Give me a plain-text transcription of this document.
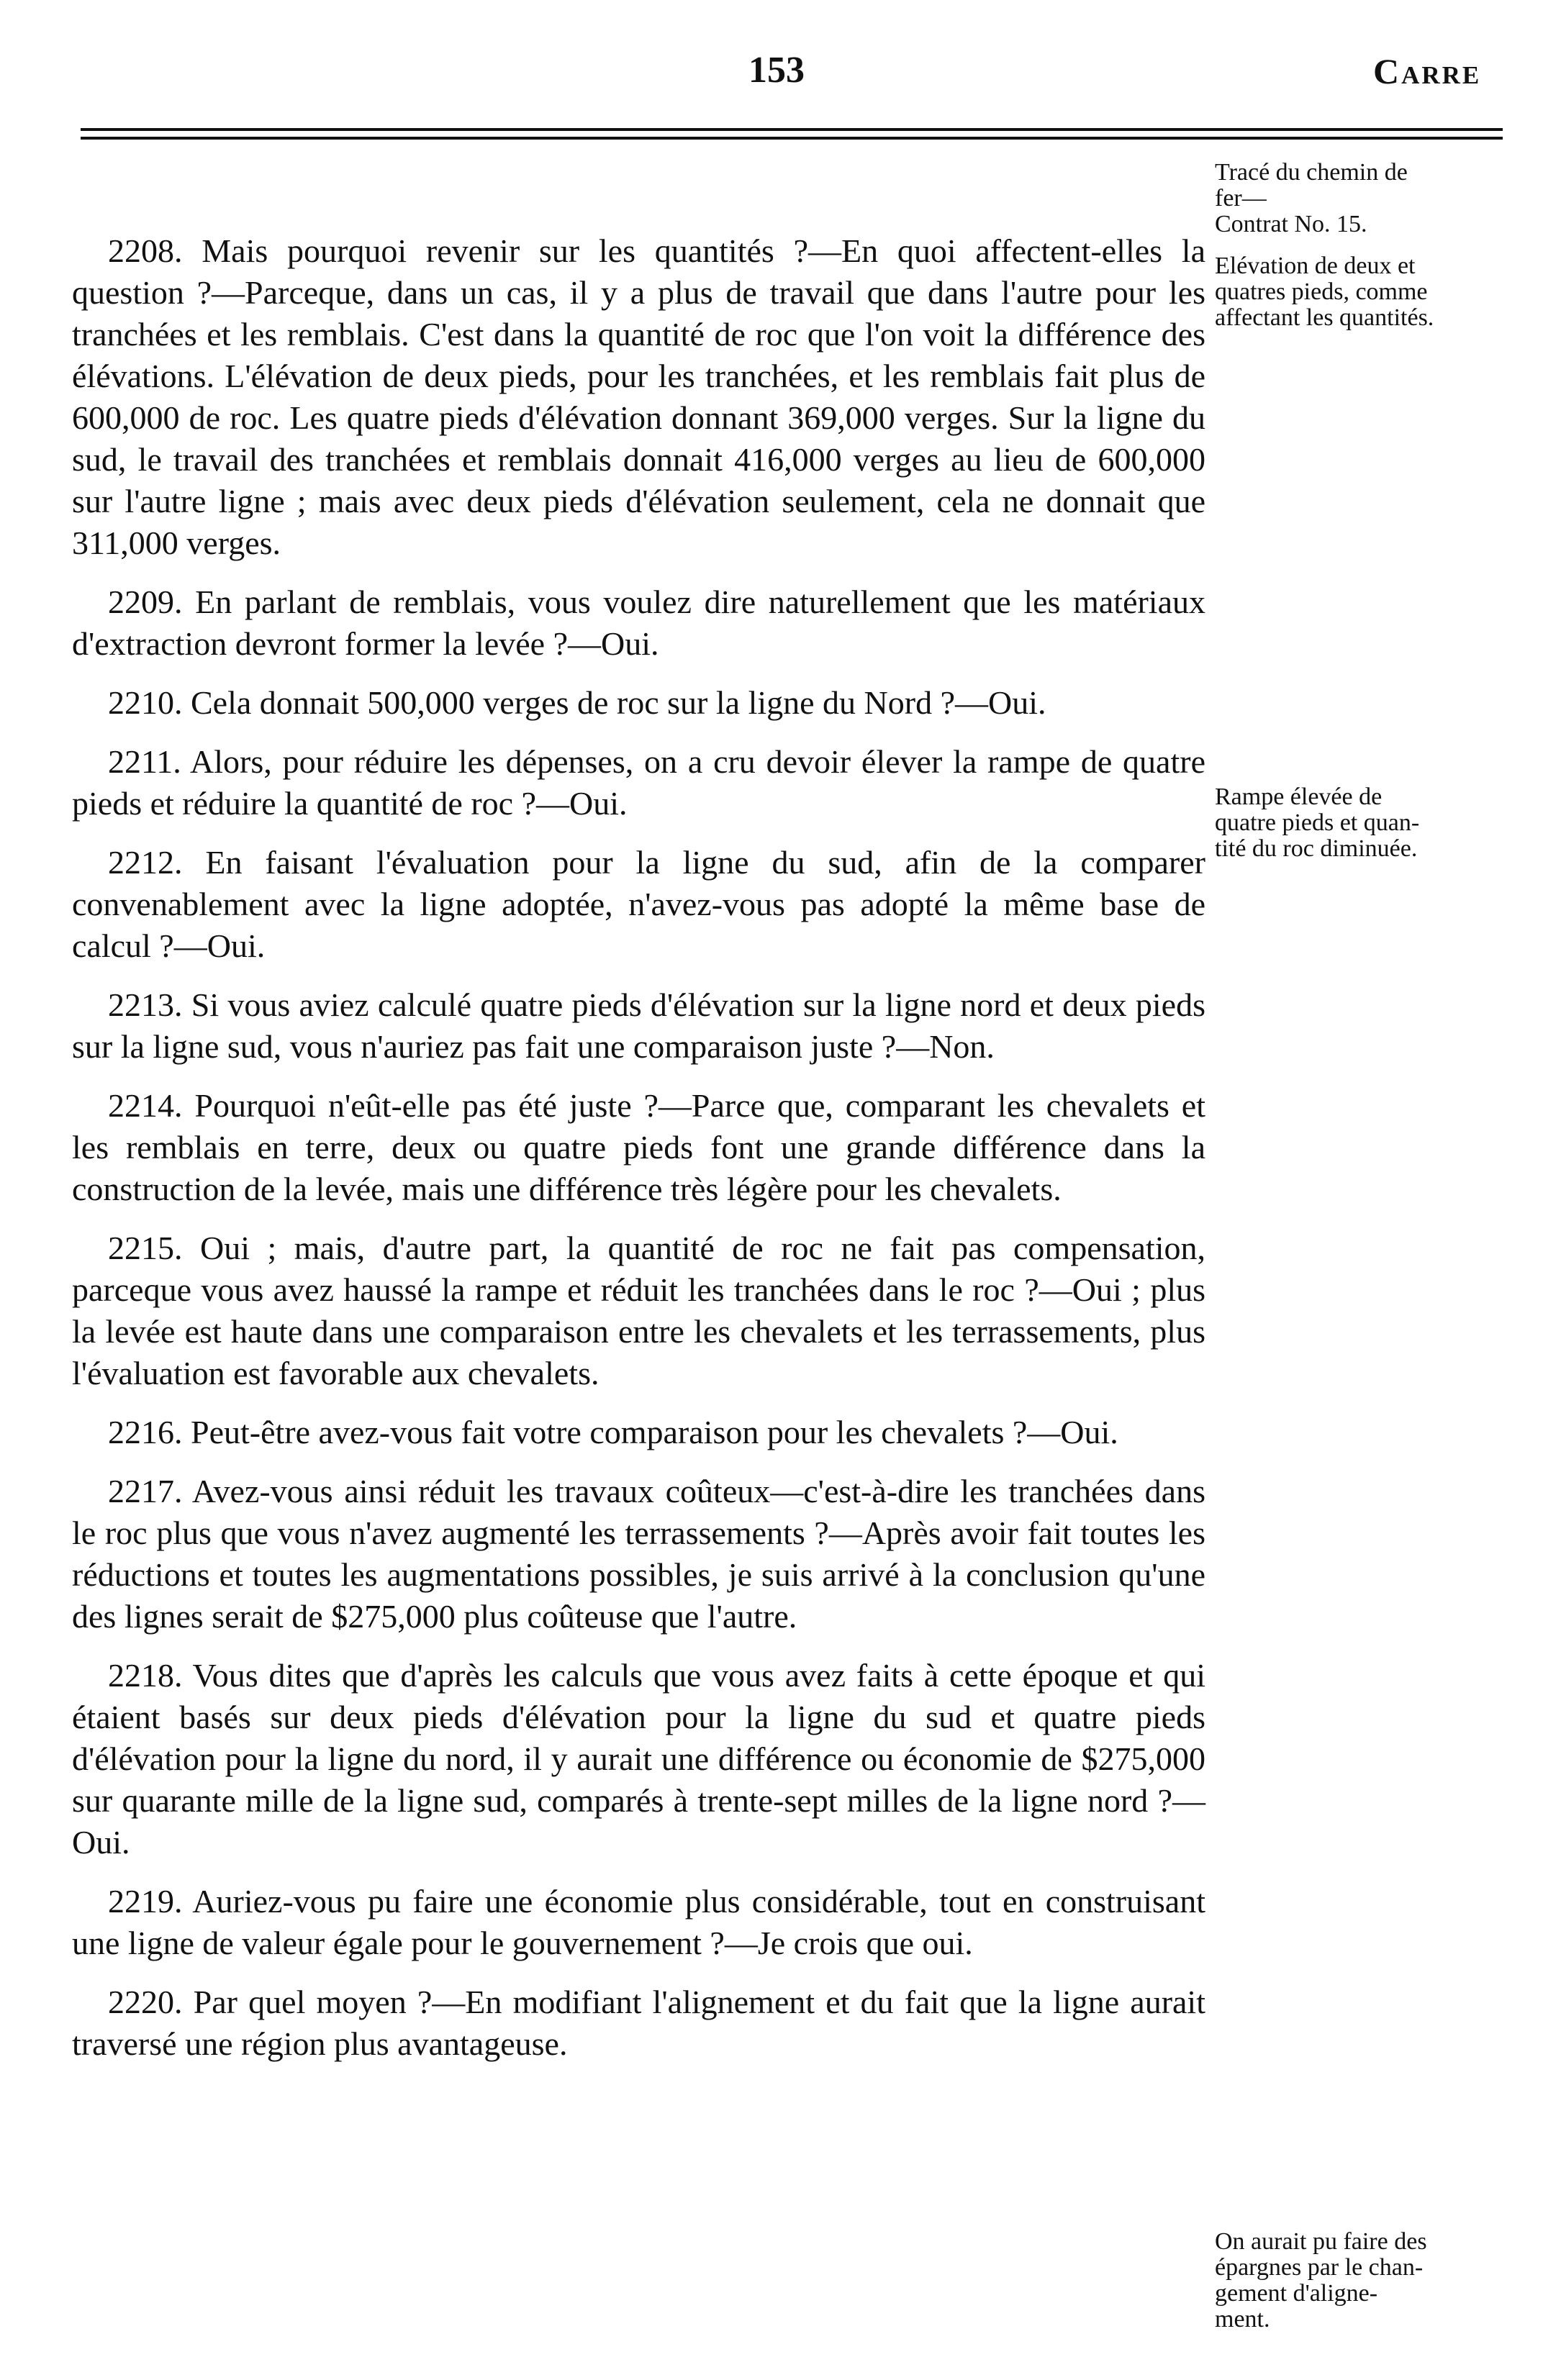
153	Carre
Tracé du chemin de
fer—
Contrat No. 15.
Elévation de deux et
quatres pieds, comme
affectant les quantités.
Rampe élevée de
quatre pieds et quan-
tité du roc diminuée.
On aurait pu faire des
épargnes par le chan-
gement d'aligne-
ment.

2208. Mais pourquoi revenir sur les quantités ?—En quoi affectent-elles la question ?—Parceque, dans un cas, il y a plus de travail que dans l'autre pour les tranchées et les remblais. C'est dans la quantité de roc que l'on voit la différence des élévations. L'élévation de deux pieds, pour les tranchées, et les remblais fait plus de 600,000 de roc. Les quatre pieds d'élévation donnant 369,000 verges. Sur la ligne du sud, le travail des tranchées et remblais donnait 416,000 verges au lieu de 600,000 sur l'autre ligne ; mais avec deux pieds d'élévation seulement, cela ne donnait que 311,000 verges.

2209. En parlant de remblais, vous voulez dire naturellement que les matériaux d'extraction devront former la levée ?—Oui.

2210. Cela donnait 500,000 verges de roc sur la ligne du Nord ?—Oui.

2211. Alors, pour réduire les dépenses, on a cru devoir élever la rampe de quatre pieds et réduire la quantité de roc ?—Oui.

2212. En faisant l'évaluation pour la ligne du sud, afin de la comparer convenablement avec la ligne adoptée, n'avez-vous pas adopté la même base de calcul ?—Oui.

2213. Si vous aviez calculé quatre pieds d'élévation sur la ligne nord et deux pieds sur la ligne sud, vous n'auriez pas fait une comparaison juste ?—Non.

2214. Pourquoi n'eût-elle pas été juste ?—Parce que, comparant les chevalets et les remblais en terre, deux ou quatre pieds font une grande différence dans la construction de la levée, mais une différence très légère pour les chevalets.

2215. Oui ; mais, d'autre part, la quantité de roc ne fait pas compensation, parceque vous avez haussé la rampe et réduit les tranchées dans le roc ?—Oui ; plus la levée est haute dans une comparaison entre les chevalets et les terrassements, plus l'évaluation est favorable aux chevalets.

2216. Peut-être avez-vous fait votre comparaison pour les chevalets ?—Oui.

2217. Avez-vous ainsi réduit les travaux coûteux—c'est-à-dire les tranchées dans le roc plus que vous n'avez augmenté les terrassements ?—Après avoir fait toutes les réductions et toutes les augmentations possibles, je suis arrivé à la conclusion qu'une des lignes serait de $275,000 plus coûteuse que l'autre.

2218. Vous dites que d'après les calculs que vous avez faits à cette époque et qui étaient basés sur deux pieds d'élévation pour la ligne du sud et quatre pieds d'élévation pour la ligne du nord, il y aurait une différence ou économie de $275,000 sur quarante mille de la ligne sud, comparés à trente-sept milles de la ligne nord ?—Oui.

2219. Auriez-vous pu faire une économie plus considérable, tout en construisant une ligne de valeur égale pour le gouvernement ?—Je crois que oui.

2220. Par quel moyen ?—En modifiant l'alignement et du fait que la ligne aurait traversé une région plus avantageuse.
